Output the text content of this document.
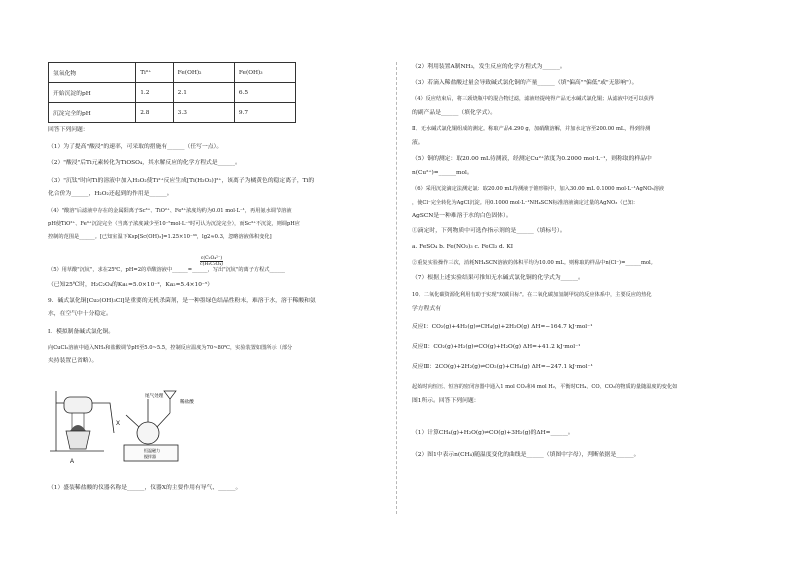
氢氧化物	Ti⁰⁺	Fe(OH)₂	Fe(OH)₃
开始沉淀的pH	1.2	2.1	6.5
沉淀完全的pH	2.8	3.3	9.7
回答下列问题：
（1）为了提高"酸浸"的速率，可采取的措施有______（任写一点）。
（2）"酸浸"后Ti元素转化为TiOSO₄，其水解反应的化学方程式是______。
（3）"沉钛"时向Ti的溶液中加入H₂O₂使Ti²⁺反应生成[Ti(H₂O₂)]²⁺，该离子为橘黄色的稳定离子，Ti的
化合价为______，H₂O₂还起到的作用是______。
（4）"酸溶"后滤液中存在的金属阳离子Sc³⁺、TiO²⁺、Fe³⁺浓度均约为0.01 mol·L⁻¹，再用氨水调节溶液
pH使TiO²⁺、Fe³⁺沉淀完全（当离子浓度减少至10⁻⁵mol·L⁻¹时可认为沉淀完全），而Sc³⁺不沉淀，则调pH应
控制的范围是______。[已知室温下Ksp[Sc(OH)₃]=1.25×10⁻³³，lg2≈0.3，忽略溶液体积变化]
$\frac{\text{c(C₂O₄²⁻)}}{\text{c(H₂C₂O₄)}}$
（5）用草酸"沉钪"，求在25℃，pH=2的草酸溶液中______=______，写出"沉钪"的离子方程式______
（已知25℃时，H₂C₂O₄的Ka₁=5.0×10⁻²，Ka₂=5.4×10⁻⁵）
9．碱式氯化铜[Cu₂(OH)₃Cl]是重要的无机杀菌剂，是一种墨绿色结晶性粉末，难溶于水，溶于稀酸和氨
水，在空气中十分稳定。
Ⅰ．模拟制备碱式氯化铜。
向CuCl₂溶液中通入NH₃和盐酸调节pH至5.0~5.5，控制反应温度为70~80℃，实验装置如图所示（部分
夹持装置已省略）。
A
X
尾气处理
稀盐酸
恒温磁力
搅拌器
（1）盛装稀盐酸的仪器名称是______，仪器X的主要作用有导气、______。
（2）利用装置A制NH₃，发生反应的化学方程式为______。
（3）若滴入稀盐酸过量会导致碱式氯化铜的产量______（填"偏高""偏低"或"无影响"）。
（4）反应结束后，将三颈烧瓶中的混合物过滤，滤液经提纯得产品无水碱式氯化铜；从滤液中还可以获得
的副产品是______（填化学式）。
Ⅱ．无水碱式氯化铜组成的测定。称取产品4.290 g，加硝酸溶解，并加水定容至200.00 mL，得到待测
液。
（5）铜的测定：取20.00 mL待测液，经测定Cu²⁺浓度为0.2000 mol·L⁻¹，则称取的样品中
n(Cu²⁺)=______mol。
（6）采用沉淀滴定法测定氯：取20.00 mL待测液于锥形瓶中，加入30.00 mL 0.1000 mol·L⁻¹AgNO₃溶液
，使Cl⁻完全转化为AgCl沉淀。用0.1000 mol·L⁻¹NH₄SCN标准溶液滴定过量的AgNO₃（已知：
AgSCN是一种难溶于水的白色固体）。
①滴定时，下列物质中可选作指示剂的是______（填标号）。
a. FeSO₄ b. Fe(NO₃)₃ c. FeCl₃ d. KI
②重复实验操作三次，消耗NH₄SCN溶液的体积平均为10.00 mL。则称取的样品中n(Cl⁻)=______mol。
（7）根据上述实验结果可推知无水碱式氯化铜的化学式为______。
10．二氧化碳资源化利用有助于实现"双碳目标"。在二氧化碳加氢制甲烷的反应体系中，主要反应的热化
学方程式有
反应Ⅰ：CO₂(g)+4H₂(g)⇌CH₄(g)+2H₂O(g) ΔH=−164.7 kJ·mol⁻¹
反应Ⅱ：CO₂(g)+H₂(g)⇌CO(g)+H₂O(g) ΔH=+41.2 kJ·mol⁻¹
反应Ⅲ：2CO(g)+2H₂(g)⇌CO₂(g)+CH₄(g) ΔH=−247.1 kJ·mol⁻¹
起始时向恒压、恒容的密闭容器中通入1 mol CO₂和4 mol H₂，平衡时CH₄、CO、CO₂的物质的量随温度的变化如
图1所示。回答下列问题：
（1）计算CH₄(g)+H₂O(g)⇌CO(g)+3H₂(g)的ΔH=______。
（2）图1中表示n(CH₄)随温度变化的曲线是______（填图中字母），判断依据是______。
